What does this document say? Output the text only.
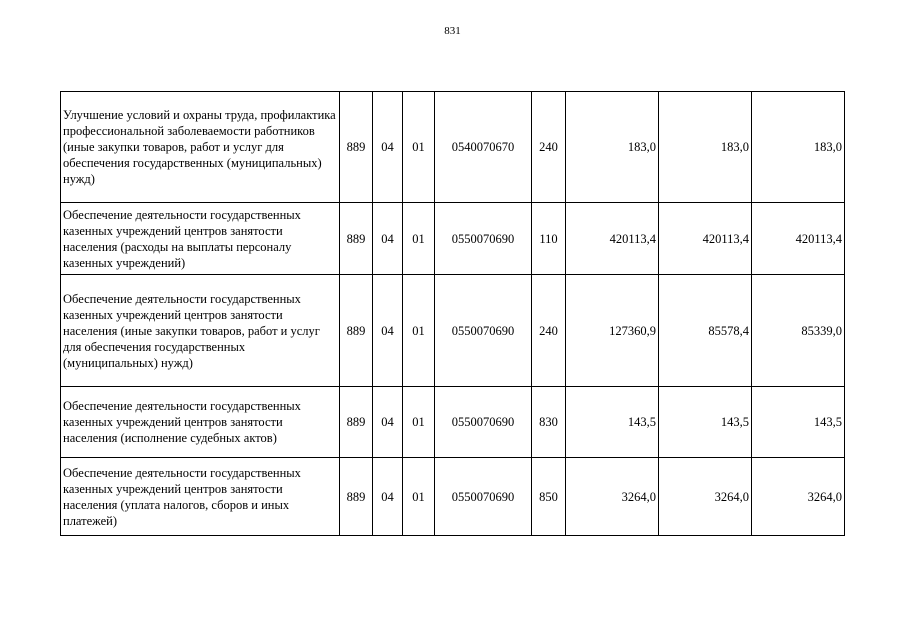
831
Улучшение условий и охраны труда, профилактика профессиональной заболеваемости работников (иные закупки товаров, работ и услуг для обеспечения государственных (муниципальных) нужд)	889	04	01	0540070670	240	183,0	183,0	183,0
Обеспечение деятельности государственных казенных учреждений центров занятости населения (расходы на выплаты персоналу казенных учреждений)	889	04	01	0550070690	110	420113,4	420113,4	420113,4
Обеспечение деятельности государственных казенных учреждений центров занятости населения (иные закупки товаров, работ и услуг для обеспечения государственных (муниципальных) нужд)	889	04	01	0550070690	240	127360,9	85578,4	85339,0
Обеспечение деятельности государственных казенных учреждений центров занятости населения (исполнение судебных актов)	889	04	01	0550070690	830	143,5	143,5	143,5
Обеспечение деятельности государственных казенных учреждений центров занятости населения (уплата налогов, сборов и иных платежей)	889	04	01	0550070690	850	3264,0	3264,0	3264,0
